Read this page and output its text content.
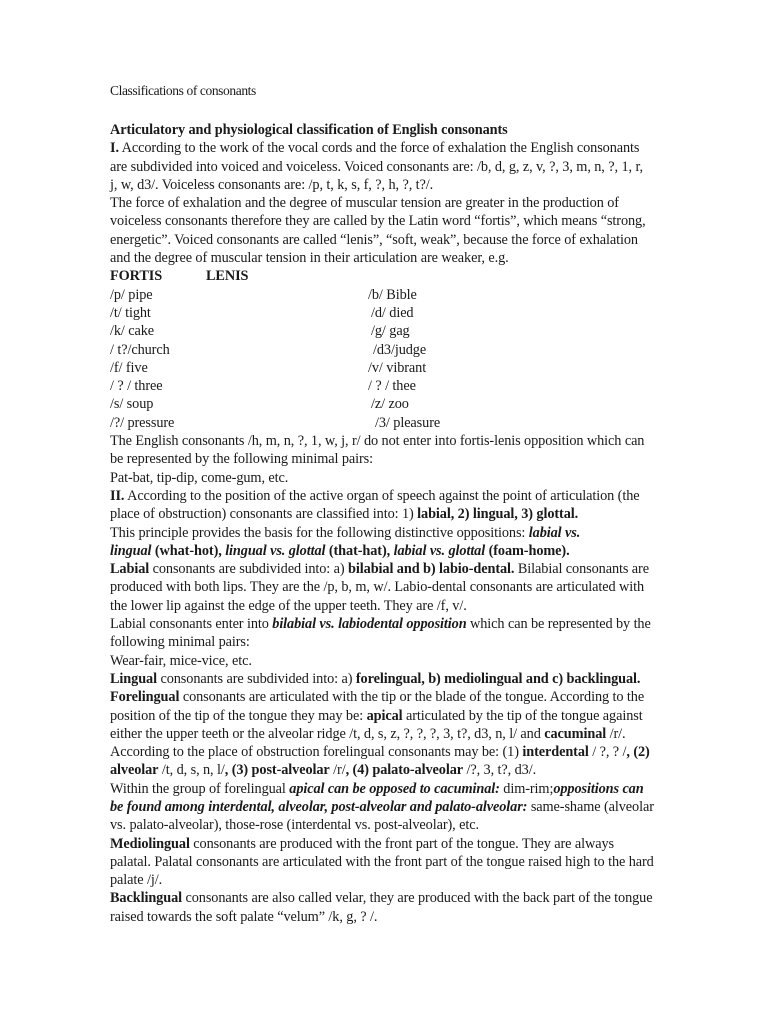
Classifications of consonants
Articulatory and physiological classification of English consonants
I. According to the work of the vocal cords and the force of exhalation the English consonants
are subdivided into voiced and voiceless. Voiced consonants are: /b, d, g, z, v, ?, 3, m, n, ?, 1, r,
j, w, d3/. Voiceless consonants are: /p, t, k, s, f, ?, h, ?, t?/.
The force of exhalation and the degree of muscular tension are greater in the production of
voiceless consonants therefore they are called by the Latin word “fortis”, which means “strong,
energetic”. Voiced consonants are called “lenis”, “soft, weak”, because the force of exhalation
and the degree of muscular tension in their articulation are weaker, e.g.
FORTIS	LENIS
/p/ pipe	/b/ Bible
/t/ tight	/d/ died
/k/ cake	/g/ gag
/ t?/church	/d3/judge
/f/ five	/v/ vibrant
/ ? / three	/ ? / thee
/s/ soup	/z/ zoo
/?/ pressure	/3/ pleasure
The English consonants /h, m, n, ?, 1, w, j, r/ do not enter into fortis-lenis opposition which can
be represented by the following minimal pairs:
Pat-bat, tip-dip, come-gum, etc.
II. According to the position of the active organ of speech against the point of articulation (the
place of obstruction) consonants are classified into: 1) labial, 2) lingual, 3) glottal.
This principle provides the basis for the following distinctive oppositions: labial vs.
lingual (what-hot), lingual vs. glottal (that-hat), labial vs. glottal (foam-home).
Labial consonants are subdivided into: a) bilabial and b) labio-dental. Bilabial consonants are
produced with both lips. They are the /p, b, m, w/. Labio-dental consonants are articulated with
the lower lip against the edge of the upper teeth. They are /f, v/.
Labial consonants enter into bilabial vs. labiodental opposition which can be represented by the
following minimal pairs:
Wear-fair, mice-vice, etc.
Lingual consonants are subdivided into: a) forelingual, b) mediolingual and c) backlingual.
Forelingual consonants are articulated with the tip or the blade of the tongue. According to the
position of the tip of the tongue they may be: apical articulated by the tip of the tongue against
either the upper teeth or the alveolar ridge /t, d, s, z, ?, ?, ?, 3, t?, d3, n, l/ and cacuminal /r/.
According to the place of obstruction forelingual consonants may be: (1) interdental / ?, ? /, (2)
alveolar /t, d, s, n, l/, (3) post-alveolar /r/, (4) palato-alveolar /?, 3, t?, d3/.
Within the group of forelingual apical can be opposed to cacuminal: dim-rim;oppositions can
be found among interdental, alveolar, post-alveolar and palato-alveolar: same-shame (alveolar
vs. palato-alveolar), those-rose (interdental vs. post-alveolar), etc.
Mediolingual consonants are produced with the front part of the tongue. They are always
palatal. Palatal consonants are articulated with the front part of the tongue raised high to the hard
palate /j/.
Backlingual consonants are also called velar, they are produced with the back part of the tongue
raised towards the soft palate “velum” /k, g, ? /.
